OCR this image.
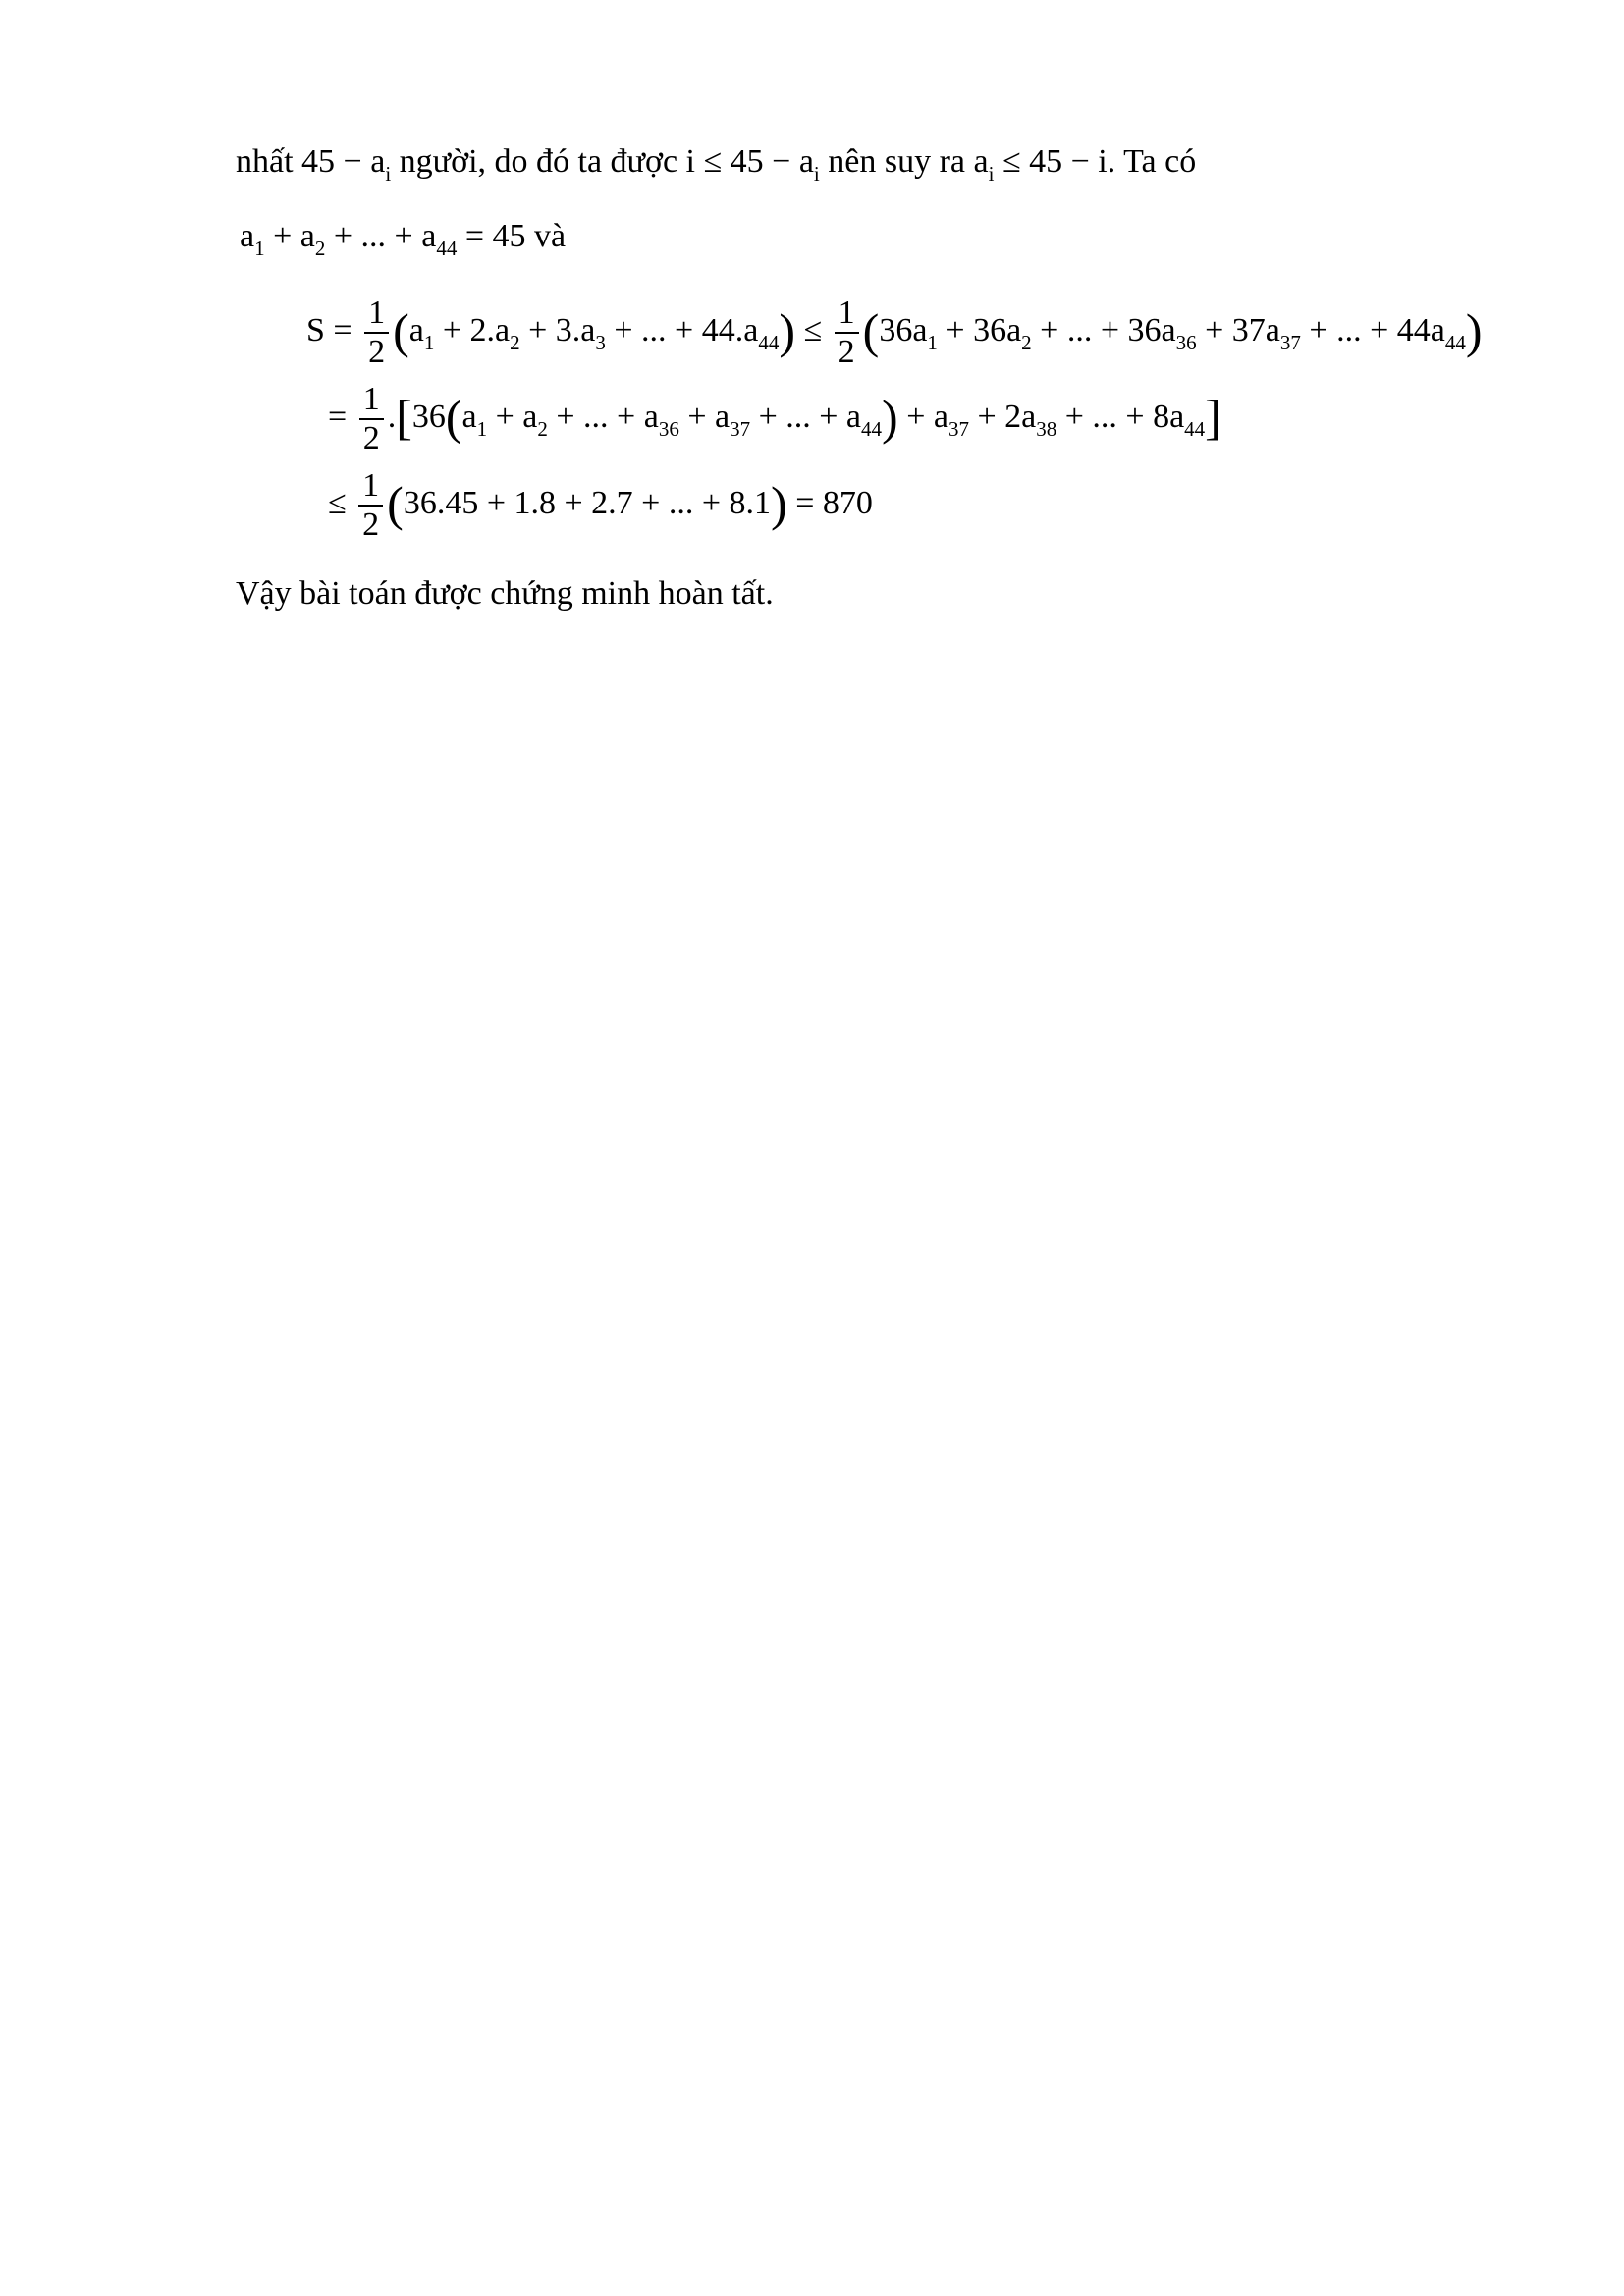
nhất $45 - a_i$ người, do đó ta được $i \le 45 - a_i$ nên suy ra $a_i \le 45 - i$. Ta có
$a_1 + a_2$ + ... + $a_{44} = 45$ và
$S = \frac{1}{2} (a_1 + 2.a_2 + 3.a_3$ + ... + $44.a_{44}) \le \frac{1}{2} (36a_1 + 36a_2$ + ... + $36a_{36} + 37a_{37}$ + ... + $44a_{44}$)
= $\frac{1}{2} .[36(a_1 + a_2$ + ... + $a_{36} + a_{37}$ + ... + $a_{44}) + a_{37} + 2a_{38}$ + ... + $8a_{44}$]
≤ $\frac{1}{2} (36.45 + 1.8 + 2.7$ + ... + 8.1) = 870
Vậy bài toán được chứng minh hoàn tất.
